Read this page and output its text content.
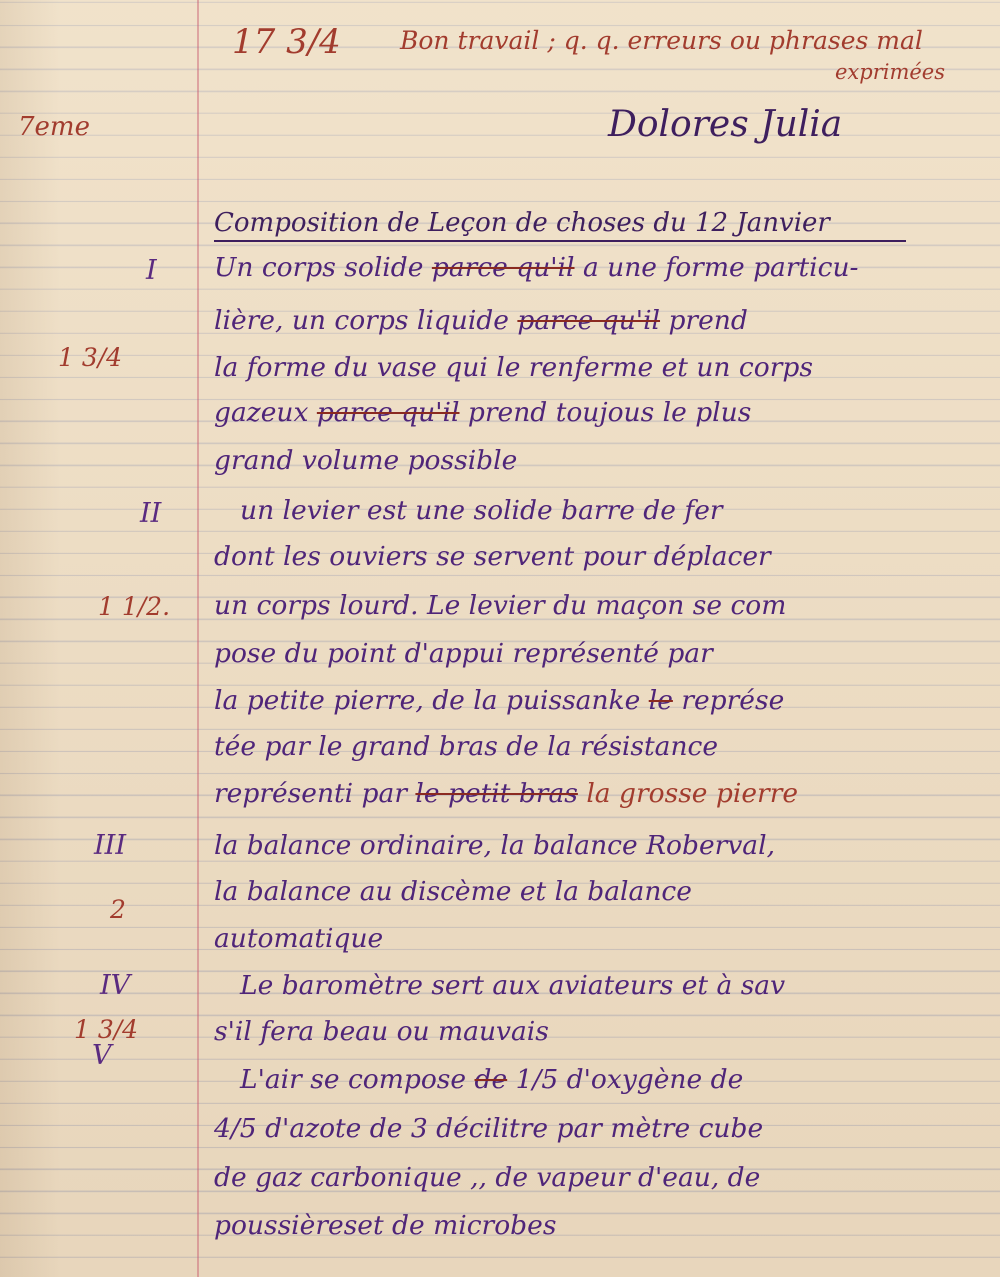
17 3/4 Bon travail ; q. q. erreurs ou phrases mal
exprimées
7eme	Dolores Julia
Composition de Leçon de choses du 12 Janvier
I
II
III
IV
V
1 3/4
1 1/2.
2
1 3/4
Un corps solide parce qu'il a une forme particu-
lière, un corps liquide parce qu'il prend
la forme du vase qui le renferme et un corps
gazeux parce qu'il prend toujous le plus
grand volume possible
un levier est une solide barre de fer
dont les ouviers se servent pour déplacer
un corps lourd. Le levier du maçon se com
pose du point d'appui représenté par
la petite pierre, de la puissanke le représe
tée par le grand bras de la résistance
représenti par le petit bras la grosse pierre
la balance ordinaire, la balance Roberval,
la balance au discème et la balance
automatique
Le baromètre sert aux aviateurs et à sav
s'il fera beau ou mauvais
L'air se compose de 1/5 d'oxygène de
4/5 d'azote de 3 décilitre par mètre cube
de gaz carbonique ,, de vapeur d'eau, de
poussièreset de microbes
